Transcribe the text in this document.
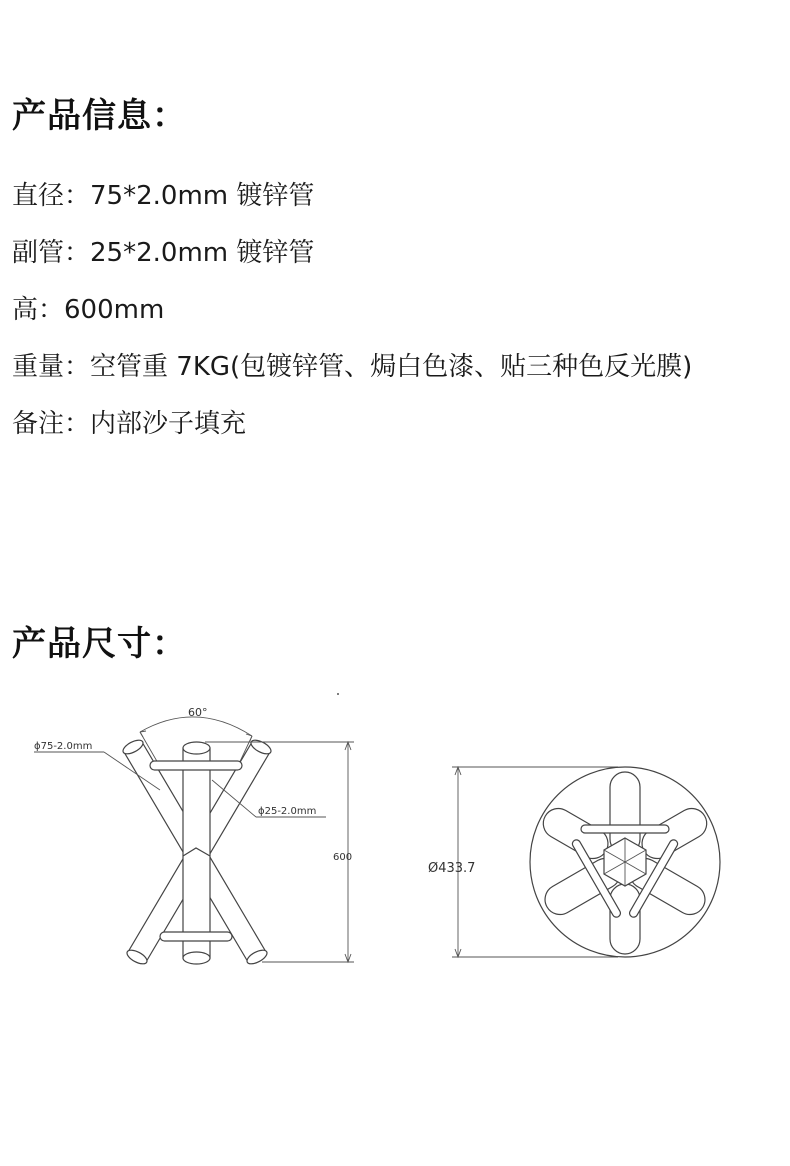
产品信息：
直径：75*2.0mm 镀锌管
副管：25*2.0mm 镀锌管
高：600mm
重量：空管重 7KG(包镀锌管、焗白色漆、贴三种色反光膜)
备注：内部沙子填充
产品尺寸：
60°
ϕ75-2.0mm
ϕ25-2.0mm
600
Ø433.7
